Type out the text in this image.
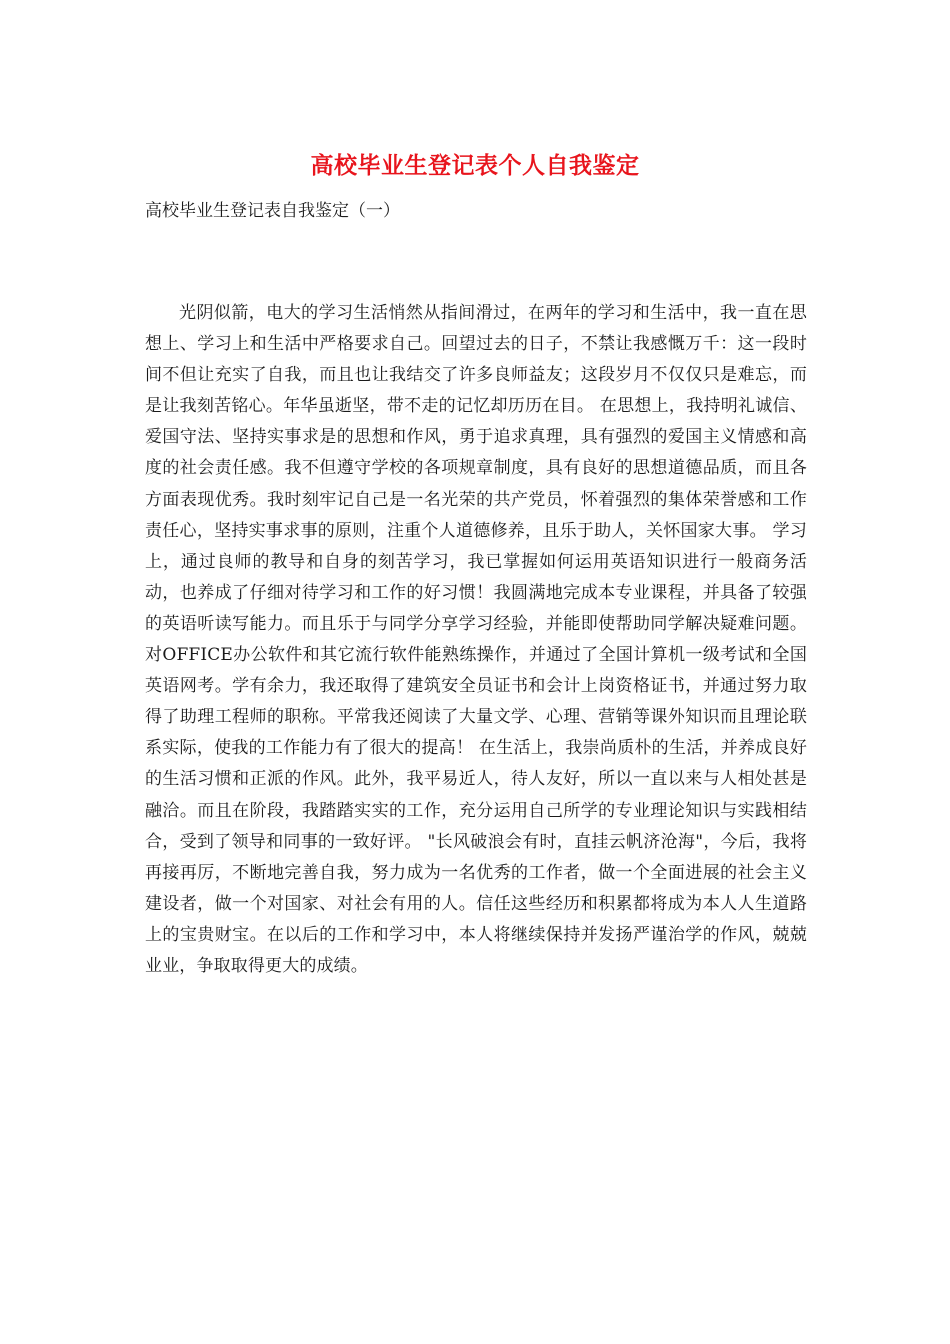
高校毕业生登记表个人自我鉴定

高校毕业生登记表自我鉴定（一）

光阴似箭，电大的学习生活悄然从指间滑过，在两年的学习和生活中，我一直在思想上、学习上和生活中严格要求自己。回望过去的日子，不禁让我感慨万千：这一段时间不但让充实了自我，而且也让我结交了许多良师益友；这段岁月不仅仅只是难忘，而是让我刻苦铭心。年华虽逝坚，带不走的记忆却历历在目。 在思想上，我持明礼诚信、爱国守法、坚持实事求是的思想和作风，勇于追求真理，具有强烈的爱国主义情感和高度的社会责任感。我不但遵守学校的各项规章制度，具有良好的思想道德品质，而且各方面表现优秀。我时刻牢记自己是一名光荣的共产党员，怀着强烈的集体荣誉感和工作责任心，坚持实事求事的原则，注重个人道德修养，且乐于助人，关怀国家大事。 学习上，通过良师的教导和自身的刻苦学习，我已掌握如何运用英语知识进行一般商务活动，也养成了仔细对待学习和工作的好习惯！我圆满地完成本专业课程，并具备了较强的英语听读写能力。而且乐于与同学分享学习经验，并能即使帮助同学解决疑难问题。 对OFFICE办公软件和其它流行软件能熟练操作，并通过了全国计算机一级考试和全国英语网考。学有余力，我还取得了建筑安全员证书和会计上岗资格证书，并通过努力取得了助理工程师的职称。平常我还阅读了大量文学、心理、营销等课外知识而且理论联系实际，使我的工作能力有了很大的提高！ 在生活上，我崇尚质朴的生活，并养成良好的生活习惯和正派的作风。此外，我平易近人，待人友好，所以一直以来与人相处甚是融洽。而且在阶段，我踏踏实实的工作，充分运用自己所学的专业理论知识与实践相结合，受到了领导和同事的一致好评。 "长风破浪会有时，直挂云帆济沧海"，今后，我将再接再厉，不断地完善自我，努力成为一名优秀的工作者，做一个全面进展的社会主义建设者，做一个对国家、对社会有用的人。信任这些经历和积累都将成为本人人生道路上的宝贵财宝。在以后的工作和学习中，本人将继续保持并发扬严谨治学的作风，兢兢业业，争取取得更大的成绩。
